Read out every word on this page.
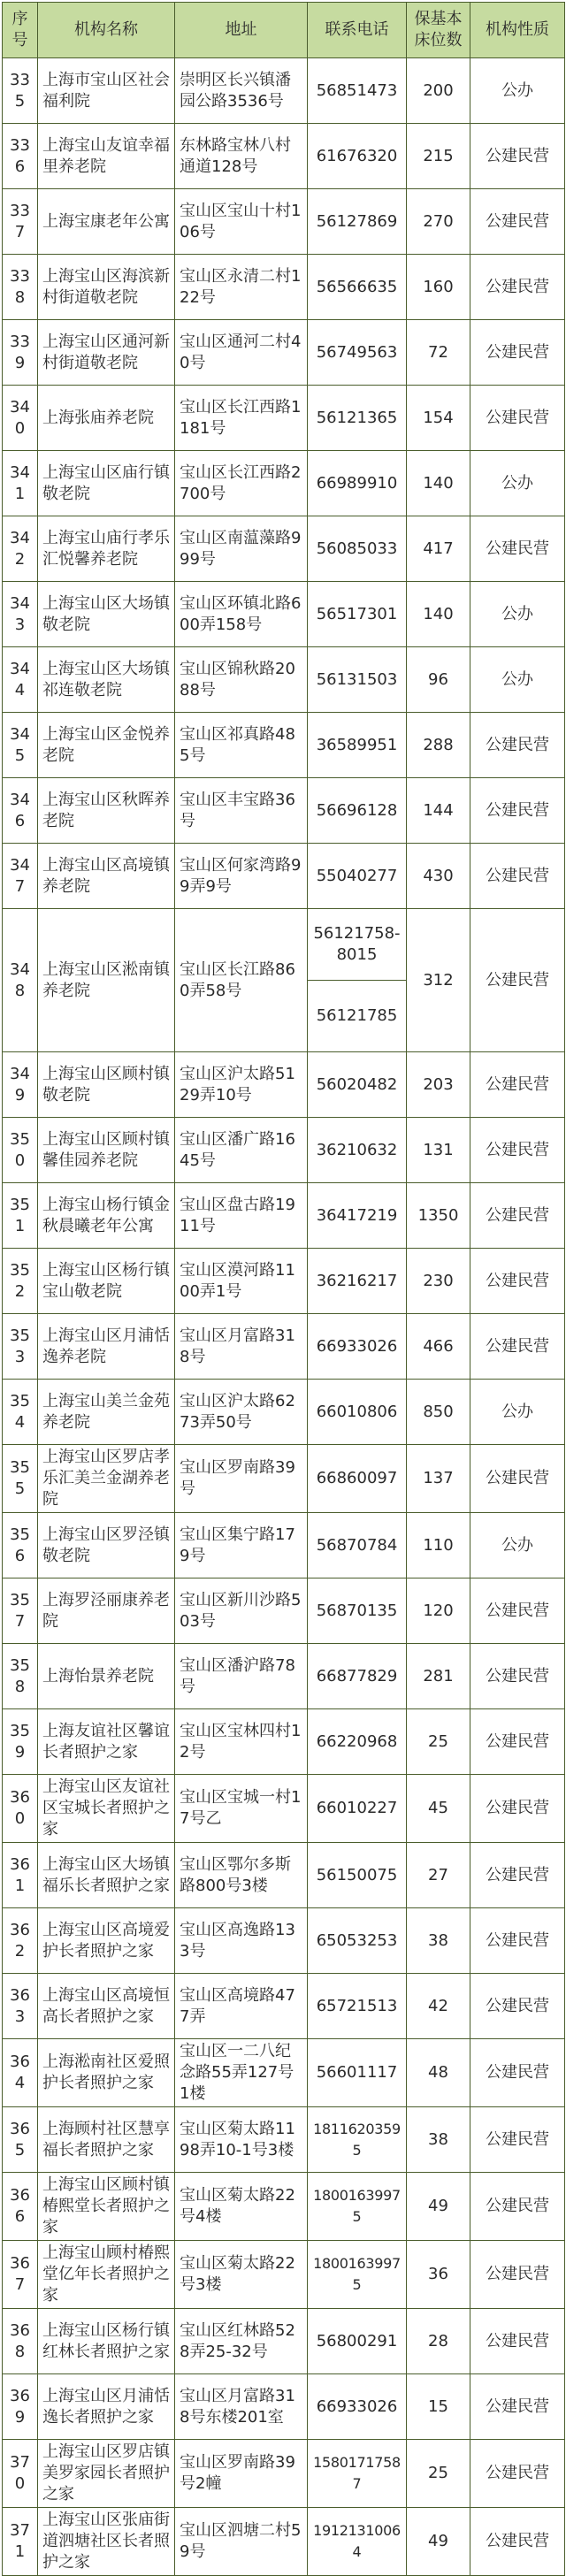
序号	机构名称	地址	联系电话	保基本床位数	机构性质
335	上海市宝山区社会福利院	崇明区长兴镇潘园公路3536号	56851473	200	公办
336	上海宝山友谊幸福里养老院	东林路宝林八村通道128号	61676320	215	公建民营
337	上海宝康老年公寓	宝山区宝山十村106号	56127869	270	公建民营
338	上海宝山区海滨新村街道敬老院	宝山区永清二村122号	56566635	160	公建民营
339	上海宝山区通河新村街道敬老院	宝山区通河二村40号	56749563	72	公建民营
340	上海张庙养老院	宝山区长江西路1181号	56121365	154	公建民营
341	上海宝山区庙行镇敬老院	宝山区长江西路2700号	66989910	140	公办
342	上海宝山庙行孝乐汇悦馨养老院	宝山区南蕰藻路999号	56085033	417	公建民营
343	上海宝山区大场镇敬老院	宝山区环镇北路600弄158号	56517301	140	公办
344	上海宝山区大场镇祁连敬老院	宝山区锦秋路2088号	56131503	96	公办
345	上海宝山区金悦养老院	宝山区祁真路485号	36589951	288	公建民营
346	上海宝山区秋晖养老院	宝山区丰宝路36号	56696128	144	公建民营
347	上海宝山区高境镇养老院	宝山区何家湾路99弄9号	55040277	430	公建民营
348	上海宝山区淞南镇养老院	宝山区长江路860弄58号	56121758-8015	312	公建民营
			56121785		
349	上海宝山区顾村镇敬老院	宝山区沪太路5129弄10号	56020482	203	公建民营
350	上海宝山区顾村镇馨佳园养老院	宝山区潘广路1645号	36210632	131	公建民营
351	上海宝山杨行镇金秋晨曦老年公寓	宝山区盘古路1911号	36417219	1350	公建民营
352	上海宝山区杨行镇宝山敬老院	宝山区漠河路1100弄1号	36216217	230	公建民营
353	上海宝山区月浦恬逸养老院	宝山区月富路318号	66933026	466	公建民营
354	上海宝山美兰金苑养老院	宝山区沪太路6273弄50号	66010806	850	公办
355	上海宝山区罗店孝乐汇美兰金湖养老院	宝山区罗南路39号	66860097	137	公建民营
356	上海宝山区罗泾镇敬老院	宝山区集宁路179号	56870784	110	公办
357	上海罗泾丽康养老院	宝山区新川沙路503号	56870135	120	公建民营
358	上海怡景养老院	宝山区潘沪路78号	66877829	281	公建民营
359	上海友谊社区馨谊长者照护之家	宝山区宝林四村12号	66220968	25	公建民营
360	上海宝山区友谊社区宝城长者照护之家	宝山区宝城一村17号乙	66010227	45	公建民营
361	上海宝山区大场镇福乐长者照护之家	宝山区鄂尔多斯路800号3楼	56150075	27	公建民营
362	上海宝山区高境爱护长者照护之家	宝山区高逸路133号	65053253	38	公建民营
363	上海宝山区高境恒高长者照护之家	宝山区高境路477弄	65721513	42	公建民营
364	上海淞南社区爱照护长者照护之家	宝山区一二八纪念路55弄127号1楼	56601117	48	公建民营
365	上海顾村社区慧享福长者照护之家	宝山区菊太路1198弄10-1号3楼	18116203595	38	公建民营
366	上海宝山区顾村镇椿熙堂长者照护之家	宝山区菊太路22号4楼	18001639975	49	公建民营
367	上海宝山顾村椿熙堂亿年长者照护之家	宝山区菊太路22号3楼	18001639975	36	公建民营
368	上海宝山区杨行镇红林长者照护之家	宝山区红林路528弄25-32号	56800291	28	公建民营
369	上海宝山区月浦恬逸长者照护之家	宝山区月富路318号东楼201室	66933026	15	公建民营
370	上海宝山区罗店镇美罗家园长者照护之家	宝山区罗南路39号2幢	15801717587	25	公建民营
371	上海宝山区张庙街道泗塘社区长者照护之家	宝山区泗塘二村59号	19121310064	49	公建民营
